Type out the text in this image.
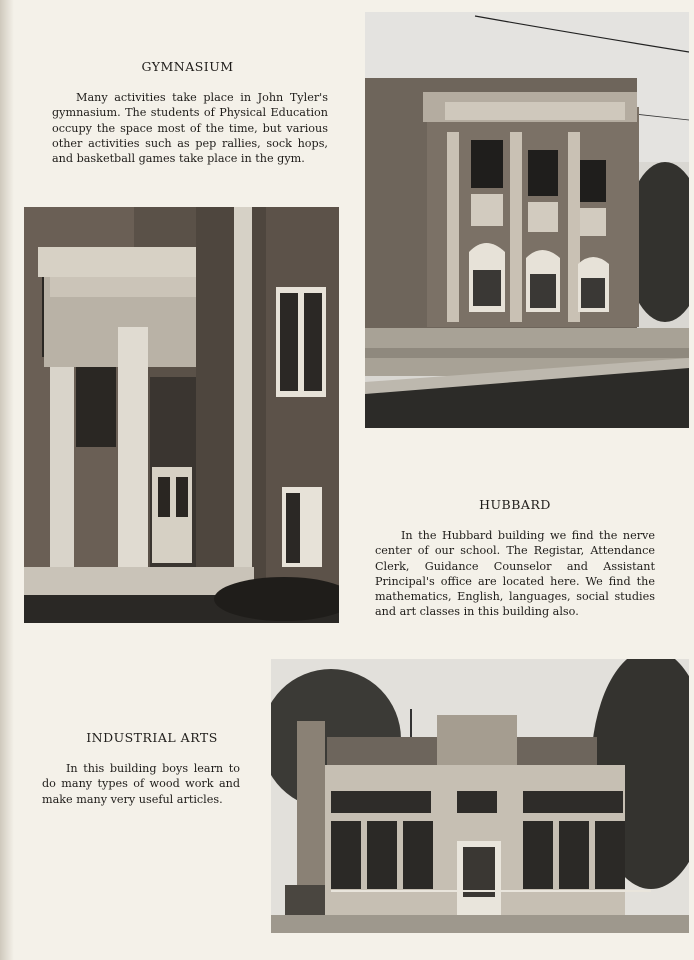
GYMNASIUM
Many activities take place in John Tyler's gymnasium. The students of Physical Education occupy the space most of the time, but various other activities such as pep rallies, sock hops, and basketball games take place in the gym.
HUBBARD
In the Hubbard building we find the nerve center of our school. The Registar, Attendance Clerk, Guidance Counselor and Assistant Principal's office are located here. We find the mathematics, English, languages, social studies and art classes in this building also.
INDUSTRIAL ARTS
In this building boys learn to do many types of wood work and make many very useful articles.
